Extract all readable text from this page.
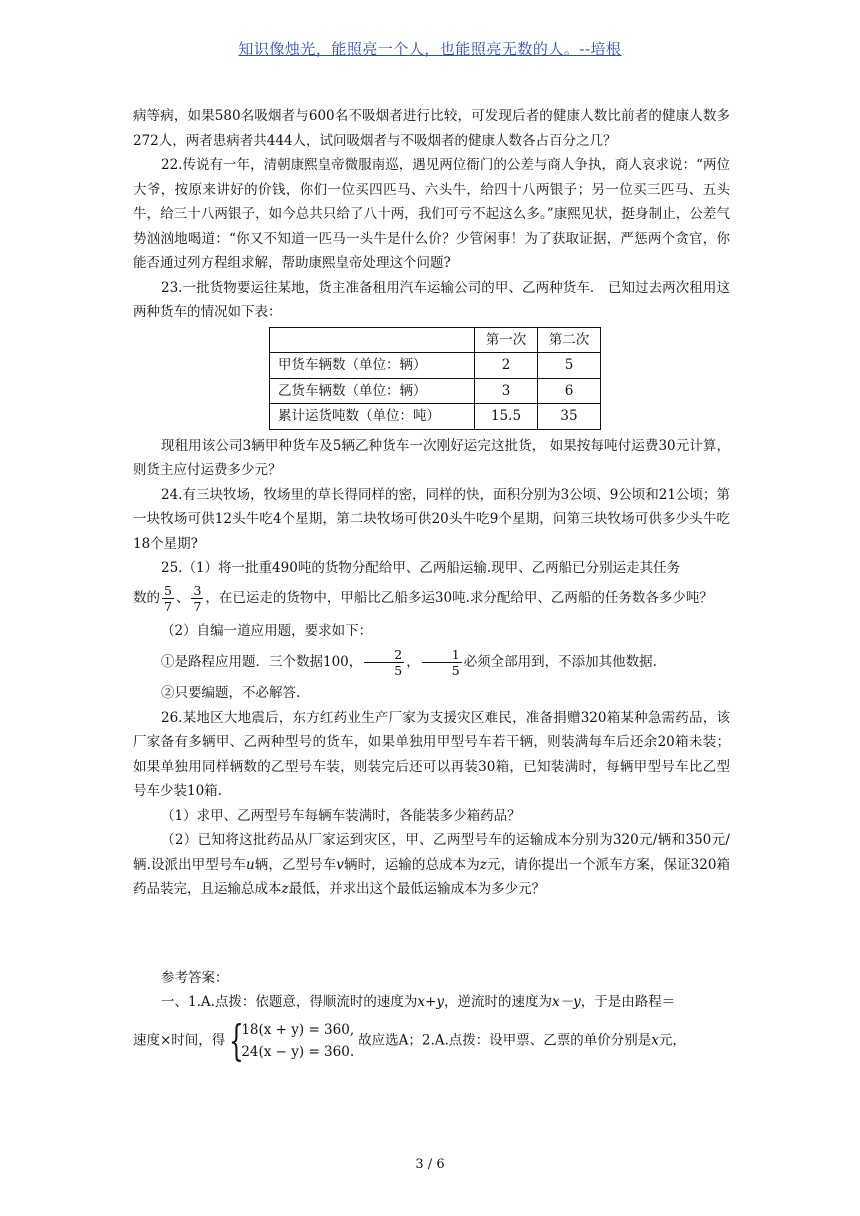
知识像烛光，能照亮一个人，也能照亮无数的人。--培根

病等病，如果580名吸烟者与600名不吸烟者进行比较，可发现后者的健康人数比前者的健康人数多272人，两者患病者共444人，试问吸烟者与不吸烟者的健康人数各占百分之几？

22.传说有一年，清朝康熙皇帝微服南巡，遇见两位衙门的公差与商人争执，商人哀求说：“两位大爷，按原来讲好的价钱，你们一位买四匹马、六头牛，给四十八两银子；另一位买三匹马、五头牛，给三十八两银子，如今总共只给了八十两，我们可亏不起这么多。”康熙见状，挺身制止，公差气势汹汹地喝道：“你又不知道一匹马一头牛是什么价？少管闲事！为了获取证据，严惩两个贪官，你能否通过列方程组求解，帮助康熙皇帝处理这个问题?

23.一批货物要运往某地，货主准备租用汽车运输公司的甲、乙两种货车． 已知过去两次租用这两种货车的情况如下表：

	第一次	第二次
甲货车辆数（单位：辆）	2	5
乙货车辆数（单位：辆）	3	6
累计运货吨数（单位：吨）	15.5	35

现租用该公司3辆甲种货车及5辆乙种货车一次刚好运完这批货， 如果按每吨付运费30元计算，则货主应付运费多少元？

24.有三块牧场，牧场里的草长得同样的密，同样的快，面积分别为3公顷、9公顷和21公顷；第一块牧场可供12头牛吃4个星期，第二块牧场可供20头牛吃9个星期，问第三块牧场可供多少头牛吃18个星期?

25.（1）将一批重490吨的货物分配给甲、乙两船运输.现甲、乙两船已分别运走其任务

数的 $\frac{5}{7}$ 、 $\frac{3}{7}$ ，在已运走的货物中，甲船比乙船多运30吨.求分配给甲、乙两船的任务数各多少吨？

（2）自编一道应用题，要求如下：

①是路程应用题．三个数据100， $\frac{2}{5}$ ， $\frac{1}{5}$ 必须全部用到，不添加其他数据.

②只要编题，不必解答.

26.某地区大地震后，东方红药业生产厂家为支援灾区难民，准备捐赠320箱某种急需药品，该厂家备有多辆甲、乙两种型号的货车，如果单独用甲型号车若干辆，则装满每车后还余20箱未装；如果单独用同样辆数的乙型号车装，则装完后还可以再装30箱，已知装满时，每辆甲型号车比乙型号车少装10箱.

（1）求甲、乙两型号车每辆车装满时，各能装多少箱药品？

（2）已知将这批药品从厂家运到灾区，甲、乙两型号车的运输成本分别为320元/辆和350元/辆.设派出甲型号车u辆，乙型号车v辆时，运输的总成本为z元，请你提出一个派车方案，保证320箱药品装完，且运输总成本z最低，并求出这个最低运输成本为多少元？

参考答案：

一、1.A.点拨：依题意，得顺流时的速度为x+y，逆流时的速度为x－y，于是由路程＝

速度×时间，得 {
18(x + y) = 360,
24(x − y) = 360.
故应选A；2.A.点拨：设甲票、乙票的单价分别是x元，

3 / 6
